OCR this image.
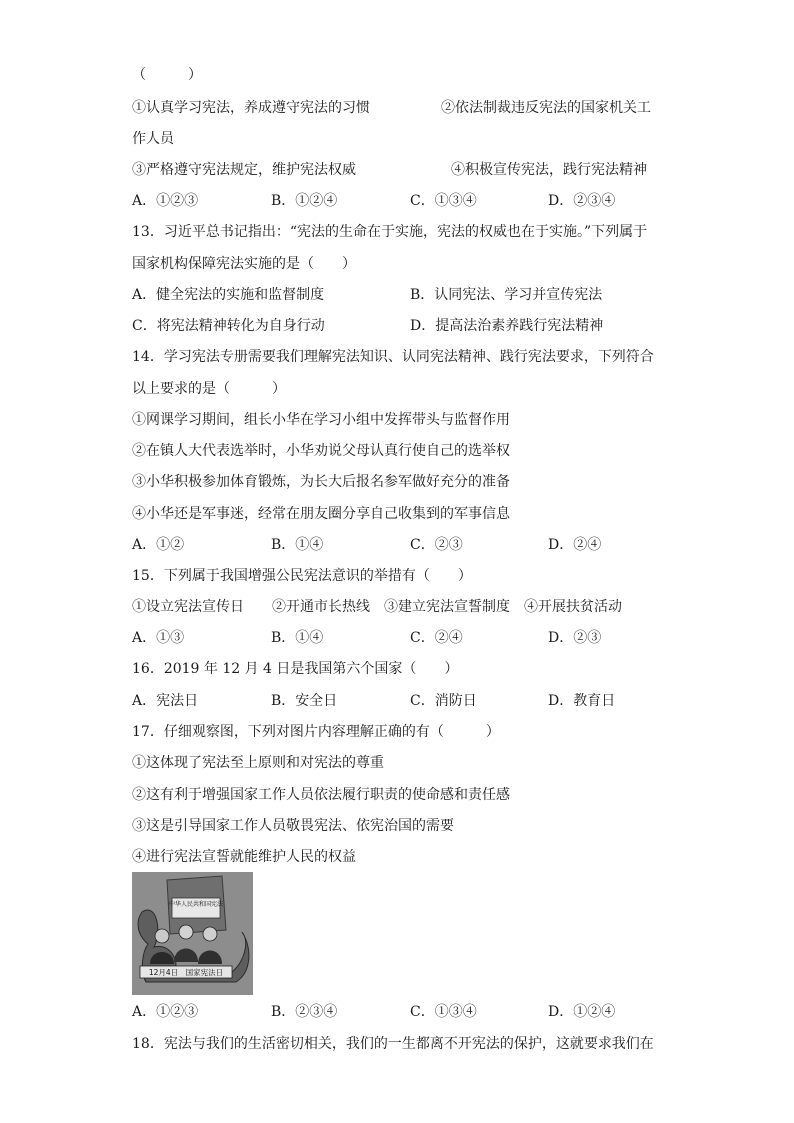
（　　　）
①认真学习宪法，养成遵守宪法的习惯	②依法制裁违反宪法的国家机关工
作人员
③严格遵守宪法规定，维护宪法权威	④积极宣传宪法，践行宪法精神
A．①②③	B．①②④	C．①③④	D．②③④
13．习近平总书记指出：“宪法的生命在于实施，宪法的权威也在于实施。”下列属于
国家机构保障宪法实施的是（　　）
A．健全宪法的实施和监督制度	B．认同宪法、学习并宣传宪法
C．将宪法精神转化为自身行动	D．提高法治素养践行宪法精神
14．学习宪法专册需要我们理解宪法知识、认同宪法精神、践行宪法要求，下列符合
以上要求的是（　　　）
①网课学习期间，组长小华在学习小组中发挥带头与监督作用
②在镇人大代表选举时，小华劝说父母认真行使自己的选举权
③小华积极参加体育锻炼，为长大后报名参军做好充分的准备
④小华还是军事迷，经常在朋友圈分享自己收集到的军事信息
A．①②	B．①④	C．②③	D．②④
15．下列属于我国增强公民宪法意识的举措有（　　）
①设立宪法宣传日　　②开通市长热线　③建立宪法宣誓制度　④开展扶贫活动
A．①③	B．①④	C．②④	D．②③
16．2019 年 12 月 4 日是我国第六个国家（　　）
A．宪法日	B．安全日	C．消防日	D．教育日
17．仔细观察图，下列对图片内容理解正确的有（　　　）
①这体现了宪法至上原则和对宪法的尊重
②这有利于增强国家工作人员依法履行职责的使命感和责任感
③这是引导国家工作人员敬畏宪法、依宪治国的需要
④进行宪法宣誓就能维护人民的权益
中华人民共和国宪法
12月4日　国家宪法日
A．①②③	B．②③④	C．①③④	D．①②④
18．宪法与我们的生活密切相关，我们的一生都离不开宪法的保护，这就要求我们在
